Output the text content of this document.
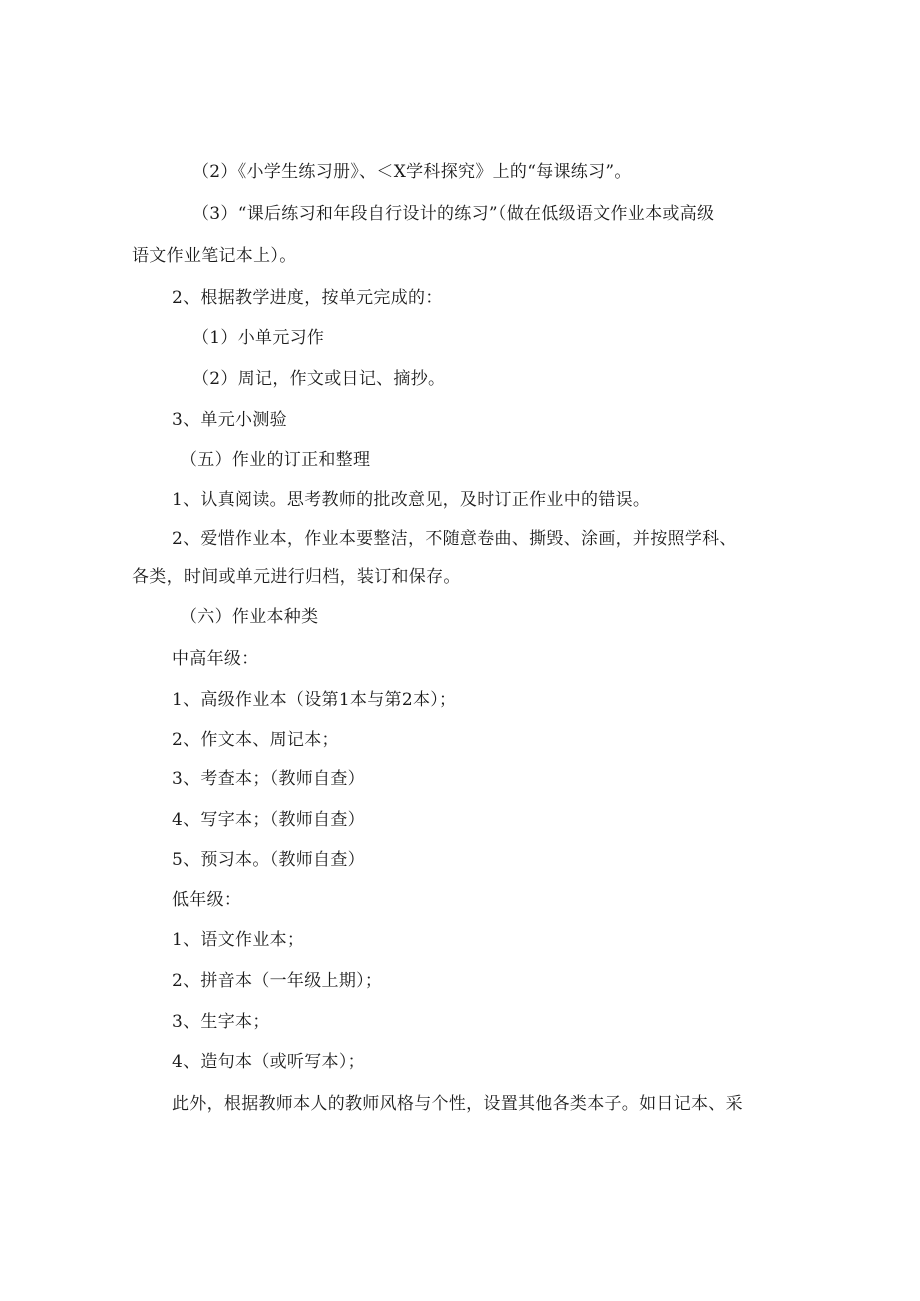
（2）《小学生练习册》、＜X学科探究》上的“每课练习”。
（3）“课后练习和年段自行设计的练习”（做在低级语文作业本或高级
语文作业笔记本上）。
2、根据教学进度，按单元完成的：
（1）小单元习作
（2）周记，作文或日记、摘抄。
3、单元小测验
（五）作业的订正和整理
1、认真阅读。思考教师的批改意见，及时订正作业中的错误。
2、爱惜作业本，作业本要整洁，不随意卷曲、撕毁、涂画，并按照学科、
各类，时间或单元进行归档，装订和保存。
（六）作业本种类
中高年级：
1、高级作业本（设第1本与第2本）；
2、作文本、周记本；
3、考查本；（教师自查）
4、写字本；（教师自查）
5、预习本。（教师自查）
低年级：
1、语文作业本；
2、拼音本（一年级上期）；
3、生字本；
4、造句本（或听写本）；
此外，根据教师本人的教师风格与个性，设置其他各类本子。如日记本、采
